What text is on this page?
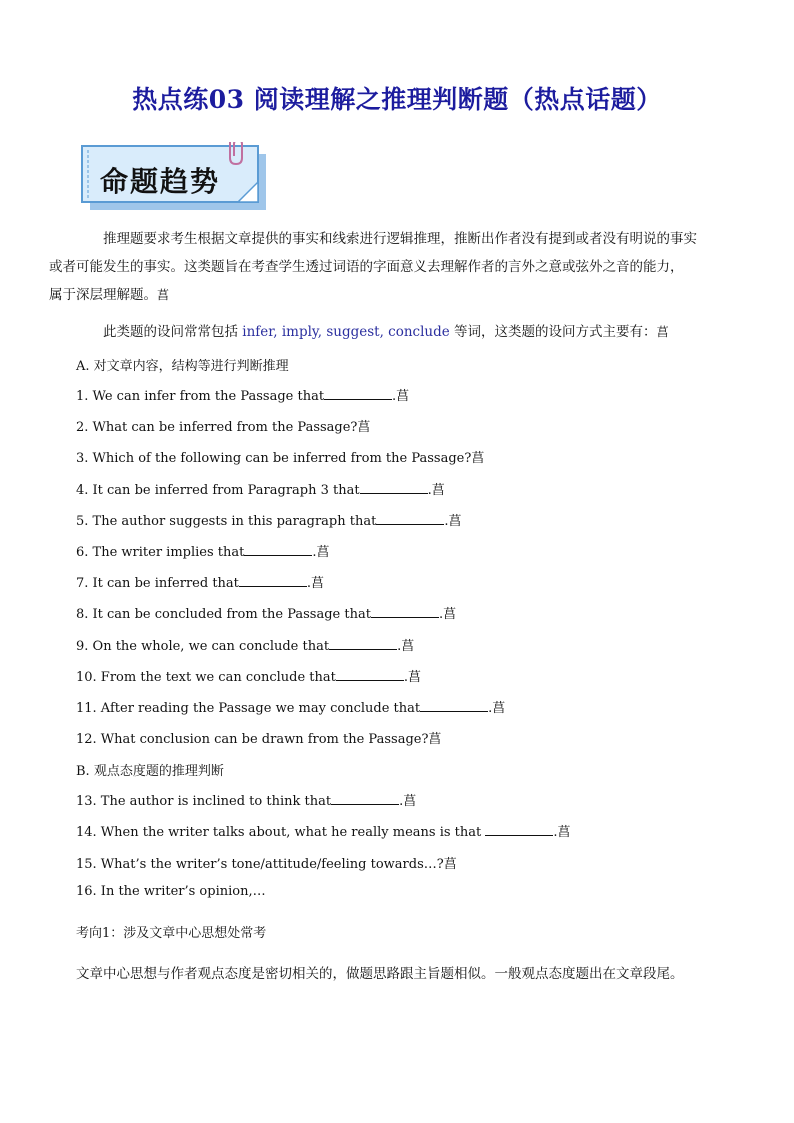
热点练03 阅读理解之推理判断题（热点话题）
命题趋势
推理题要求考生根据文章提供的事实和线索进行逻辑推理，推断出作者没有提到或者没有明说的事实
或者可能发生的事实。这类题旨在考查学生透过词语的字面意义去理解作者的言外之意或弦外之音的能力，
属于深层理解题。菖
此类题的设问常常包括 infer, imply, suggest, conclude 等词，这类题的设问方式主要有：菖
A. 对文章内容，结构等进行判断推理
1. We can infer from the Passage that	.菖
2. What can be inferred from the Passage?菖
3. Which of the following can be inferred from the Passage?菖
4. It can be inferred from Paragraph 3 that	.菖
5. The author suggests in this paragraph that	.菖
6. The writer implies that	.菖
7. It can be inferred that	.菖
8. It can be concluded from the Passage that	.菖
9. On the whole, we can conclude that	.菖
10. From the text we can conclude that	.菖
11. After reading the Passage we may conclude that	.菖
12. What conclusion can be drawn from the Passage?菖
B. 观点态度题的推理判断
13. The author is inclined to think that	.菖
14. When the writer talks about, what he really means is that	.菖
15. What’s the writer’s tone/attitude/feeling towards…?菖
16. In the writer’s opinion,…
考向1：涉及文章中心思想处常考
文章中心思想与作者观点态度是密切相关的，做题思路跟主旨题相似。一般观点态度题出在文章段尾。
